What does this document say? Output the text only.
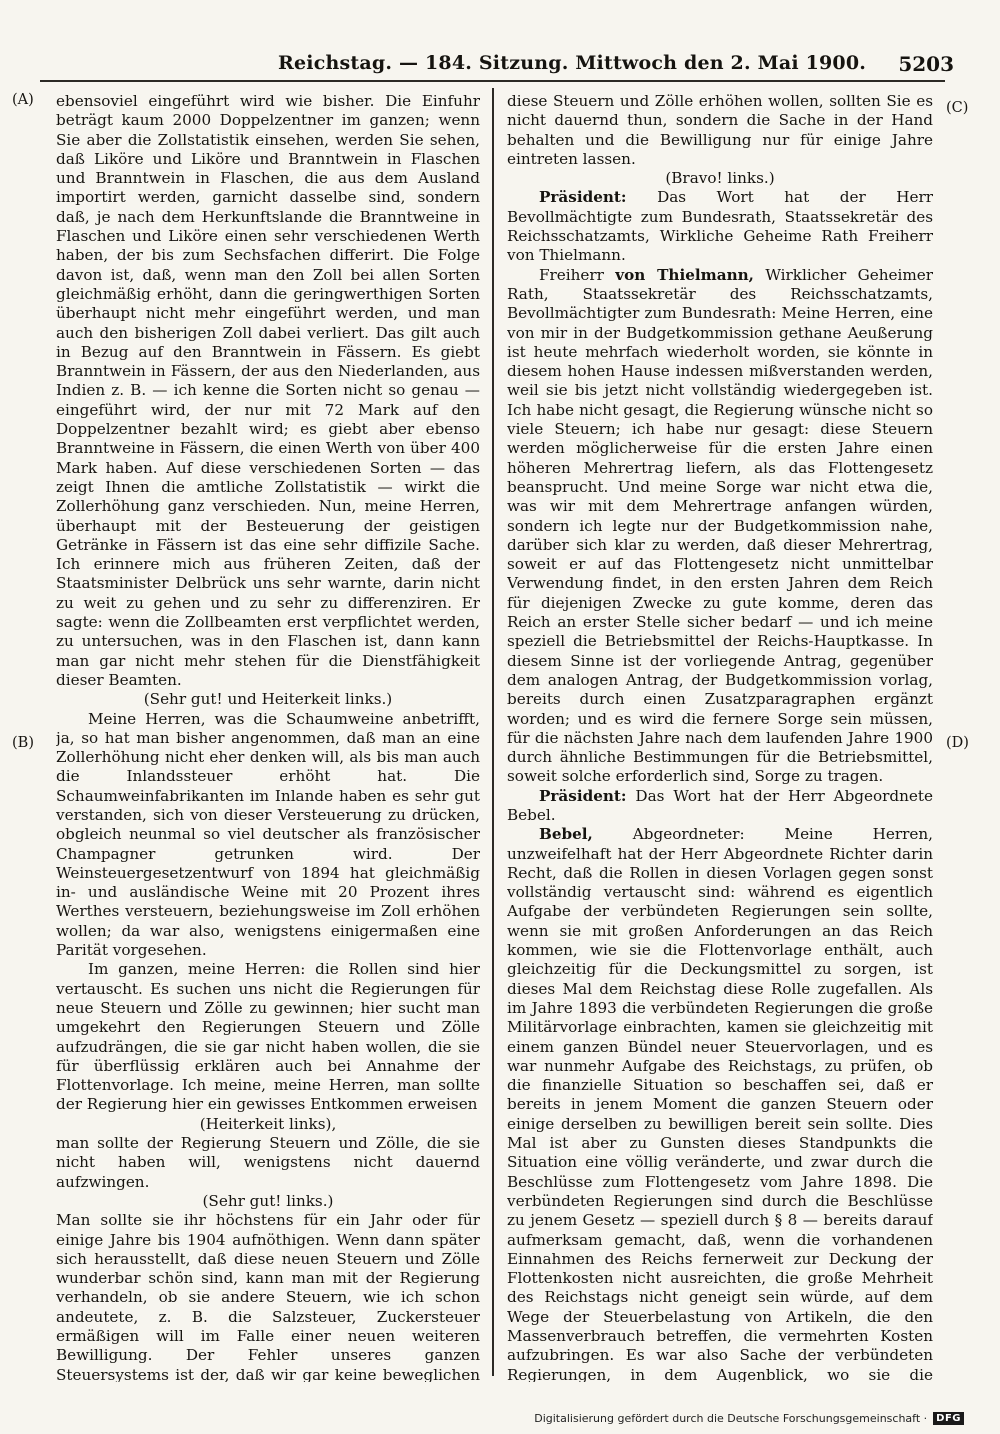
Reichstag. — 184. Sitzung. Mittwoch den 2. Mai 1900. 5203
(A)
(B)
(C)
(D)

ebensoviel eingeführt wird wie bisher. Die Einfuhr beträgt kaum 2000 Doppelzentner im ganzen; wenn Sie aber die Zollstatistik einsehen, werden Sie sehen, daß Liköre und Liköre und Branntwein in Flaschen und Branntwein in Flaschen, die aus dem Ausland importirt werden, garnicht dasselbe sind, sondern daß, je nach dem Herkunftslande die Branntweine in Flaschen und Liköre einen sehr verschiedenen Werth haben, der bis zum Sechsfachen differirt. Die Folge davon ist, daß, wenn man den Zoll bei allen Sorten gleichmäßig erhöht, dann die geringwerthigen Sorten überhaupt nicht mehr eingeführt werden, und man auch den bisherigen Zoll dabei verliert. Das gilt auch in Bezug auf den Branntwein in Fässern. Es giebt Branntwein in Fässern, der aus den Niederlanden, aus Indien z. B. — ich kenne die Sorten nicht so genau — eingeführt wird, der nur mit 72 Mark auf den Doppelzentner bezahlt wird; es giebt aber ebenso Branntweine in Fässern, die einen Werth von über 400 Mark haben. Auf diese verschiedenen Sorten — das zeigt Ihnen die amtliche Zollstatistik — wirkt die Zollerhöhung ganz verschieden. Nun, meine Herren, überhaupt mit der Besteuerung der geistigen Getränke in Fässern ist das eine sehr diffizile Sache. Ich erinnere mich aus früheren Zeiten, daß der Staatsminister Delbrück uns sehr warnte, darin nicht zu weit zu gehen und zu sehr zu differenziren. Er sagte: wenn die Zollbeamten erst verpflichtet werden, zu untersuchen, was in den Flaschen ist, dann kann man gar nicht mehr stehen für die Dienstfähigkeit dieser Beamten.

(Sehr gut! und Heiterkeit links.)

Meine Herren, was die Schaumweine anbetrifft, ja, so hat man bisher angenommen, daß man an eine Zollerhöhung nicht eher denken will, als bis man auch die Inlandssteuer erhöht hat. Die Schaumweinfabrikanten im Inlande haben es sehr gut verstanden, sich von dieser Versteuerung zu drücken, obgleich neunmal so viel deutscher als französischer Champagner getrunken wird. Der Weinsteuergesetzentwurf von 1894 hat gleichmäßig in- und ausländische Weine mit 20 Prozent ihres Werthes versteuern, beziehungsweise im Zoll erhöhen wollen; da war also, wenigstens einigermaßen eine Parität vorgesehen.

Im ganzen, meine Herren: die Rollen sind hier vertauscht. Es suchen uns nicht die Regierungen für neue Steuern und Zölle zu gewinnen; hier sucht man umgekehrt den Regierungen Steuern und Zölle aufzudrängen, die sie gar nicht haben wollen, die sie für überflüssig erklären auch bei Annahme der Flottenvorlage. Ich meine, meine Herren, man sollte der Regierung hier ein gewisses Entkommen erweisen

(Heiterkeit links),

man sollte der Regierung Steuern und Zölle, die sie nicht haben will, wenigstens nicht dauernd aufzwingen.

(Sehr gut! links.)

Man sollte sie ihr höchstens für ein Jahr oder für einige Jahre bis 1904 aufnöthigen. Wenn dann später sich herausstellt, daß diese neuen Steuern und Zölle wunderbar schön sind, kann man mit der Regierung verhandeln, ob sie andere Steuern, wie ich schon andeutete, z. B. die Salzsteuer, Zuckersteuer ermäßigen will im Falle einer neuen weiteren Bewilligung. Der Fehler unseres ganzen Steuersystems ist der, daß wir gar keine beweglichen

diese Steuern und Zölle erhöhen wollen, sollten Sie es nicht dauernd thun, sondern die Sache in der Hand behalten und die Bewilligung nur für einige Jahre eintreten lassen.

(Bravo! links.)

Präsident: Das Wort hat der Herr Bevollmächtigte zum Bundesrath, Staatssekretär des Reichsschatzamts, Wirkliche Geheime Rath Freiherr von Thielmann.

Freiherr von Thielmann, Wirklicher Geheimer Rath, Staatssekretär des Reichsschatzamts, Bevollmächtigter zum Bundesrath: Meine Herren, eine von mir in der Budgetkommission gethane Aeußerung ist heute mehrfach wiederholt worden, sie könnte in diesem hohen Hause indessen mißverstanden werden, weil sie bis jetzt nicht vollständig wiedergegeben ist. Ich habe nicht gesagt, die Regierung wünsche nicht so viele Steuern; ich habe nur gesagt: diese Steuern werden möglicherweise für die ersten Jahre einen höheren Mehrertrag liefern, als das Flottengesetz beansprucht. Und meine Sorge war nicht etwa die, was wir mit dem Mehrertrage anfangen würden, sondern ich legte nur der Budgetkommission nahe, darüber sich klar zu werden, daß dieser Mehrertrag, soweit er auf das Flottengesetz nicht unmittelbar Verwendung findet, in den ersten Jahren dem Reich für diejenigen Zwecke zu gute komme, deren das Reich an erster Stelle sicher bedarf — und ich meine speziell die Betriebsmittel der Reichs-Hauptkasse. In diesem Sinne ist der vorliegende Antrag, gegenüber dem analogen Antrag, der Budgetkommission vorlag, bereits durch einen Zusatzparagraphen ergänzt worden; und es wird die fernere Sorge sein müssen, für die nächsten Jahre nach dem laufenden Jahre 1900 durch ähnliche Bestimmungen für die Betriebsmittel, soweit solche erforderlich sind, Sorge zu tragen.

Präsident: Das Wort hat der Herr Abgeordnete Bebel.

Bebel,	Abgeordneter: Meine Herren, unzweifelhaft hat der Herr Abgeordnete Richter darin Recht, daß die Rollen in diesen Vorlagen gegen sonst vollständig vertauscht sind: während es eigentlich Aufgabe der verbündeten Regierungen sein sollte, wenn sie mit großen Anforderungen an das Reich kommen, wie sie die Flottenvorlage enthält, auch gleichzeitig für die Deckungsmittel zu sorgen, ist dieses Mal dem Reichstag diese Rolle zugefallen. Als im Jahre 1893 die verbündeten Regierungen die große Militärvorlage einbrachten, kamen sie gleichzeitig mit einem ganzen Bündel neuer Steuervorlagen, und es war nunmehr Aufgabe des Reichstags, zu prüfen, ob die finanzielle Situation so beschaffen sei, daß er bereits in jenem Moment die ganzen Steuern oder einige derselben zu bewilligen bereit sein sollte. Dies Mal ist aber zu Gunsten dieses Standpunkts die Situation eine völlig veränderte, und zwar durch die Beschlüsse zum Flottengesetz vom Jahre 1898. Die verbündeten Regierungen sind durch die Beschlüsse zu jenem Gesetz — speziell durch § 8 — bereits darauf aufmerksam gemacht, daß, wenn die vorhandenen Einnahmen des Reichs fernerweit zur Deckung der Flottenkosten nicht ausreichten, die große Mehrheit des Reichstags nicht geneigt sein würde, auf dem Wege der Steuerbelastung von Artikeln, die den Massenverbrauch betreffen, die vermehrten Kosten aufzubringen. Es war also Sache der verbündeten Regierungen, in dem Augenblick, wo sie die

Digitalisierung gefördert durch die Deutsche Forschungsgemeinschaft · DFG
